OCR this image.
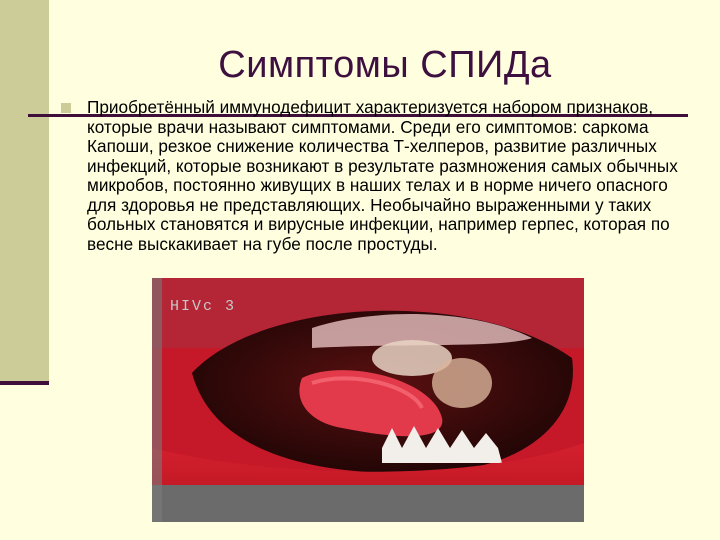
Симптомы СПИДа
Приобретённый иммунодефицит характеризуется набором признаков, которые врачи называют симптомами. Среди его симптомов: саркома Капоши, резкое снижение количества Т-хелперов, развитие различных инфекций, которые возникают в результате размножения самых обычных микробов, постоянно живущих в наших телах и в норме ничего опасного для здоровья не представляющих. Необычайно выраженными у таких больных становятся и вирусные инфекции, например герпес, которая по весне выскакивает на губе после простуды.
HIVc 3
